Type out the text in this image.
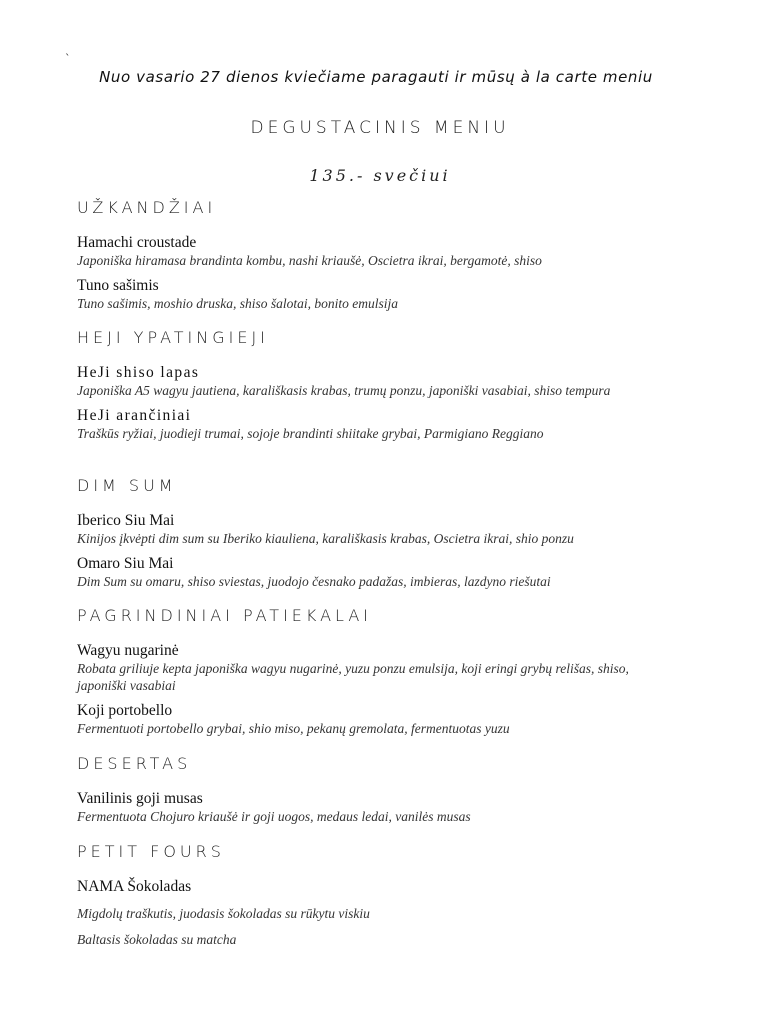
`
Nuo vasario 27 dienos kviečiame paragauti ir mūsų à la carte meniu
DEGUSTACINIS MENIU
135.- svečiui
UŽKANDŽIAI
Hamachi croustade
Japoniška hiramasa brandinta kombu, nashi kriaušė, Oscietra ikrai, bergamotė, shiso
Tuno sašimis
Tuno sašimis, moshio druska, shiso šalotai, bonito emulsija
HEJI YPATINGIEJI
HeJi shiso lapas
Japoniška A5 wagyu jautiena, karališkasis krabas, trumų ponzu, japoniški vasabiai, shiso tempura
HeJi arančiniai
Traškūs ryžiai, juodieji trumai, sojoje brandinti shiitake grybai, Parmigiano Reggiano
DIM SUM
Iberico Siu Mai
Kinijos įkvėpti dim sum su Iberiko kiauliena, karališkasis krabas, Oscietra ikrai, shio ponzu
Omaro Siu Mai
Dim Sum su omaru, shiso sviestas, juodojo česnako padažas, imbieras, lazdyno riešutai
PAGRINDINIAI PATIEKALAI
Wagyu nugarinė
Robata griliuje kepta japoniška wagyu nugarinė, yuzu ponzu emulsija, koji eringi grybų relišas, shiso, japoniški vasabiai
Koji portobello
Fermentuoti portobello grybai, shio miso, pekanų gremolata, fermentuotas yuzu
DESERTAS
Vanilinis goji musas
Fermentuota Chojuro kriaušė ir goji uogos, medaus ledai, vanilės musas
PETIT FOURS
NAMA Šokoladas
Migdolų traškutis, juodasis šokoladas su rūkytu viskiu
Baltasis šokoladas su matcha
